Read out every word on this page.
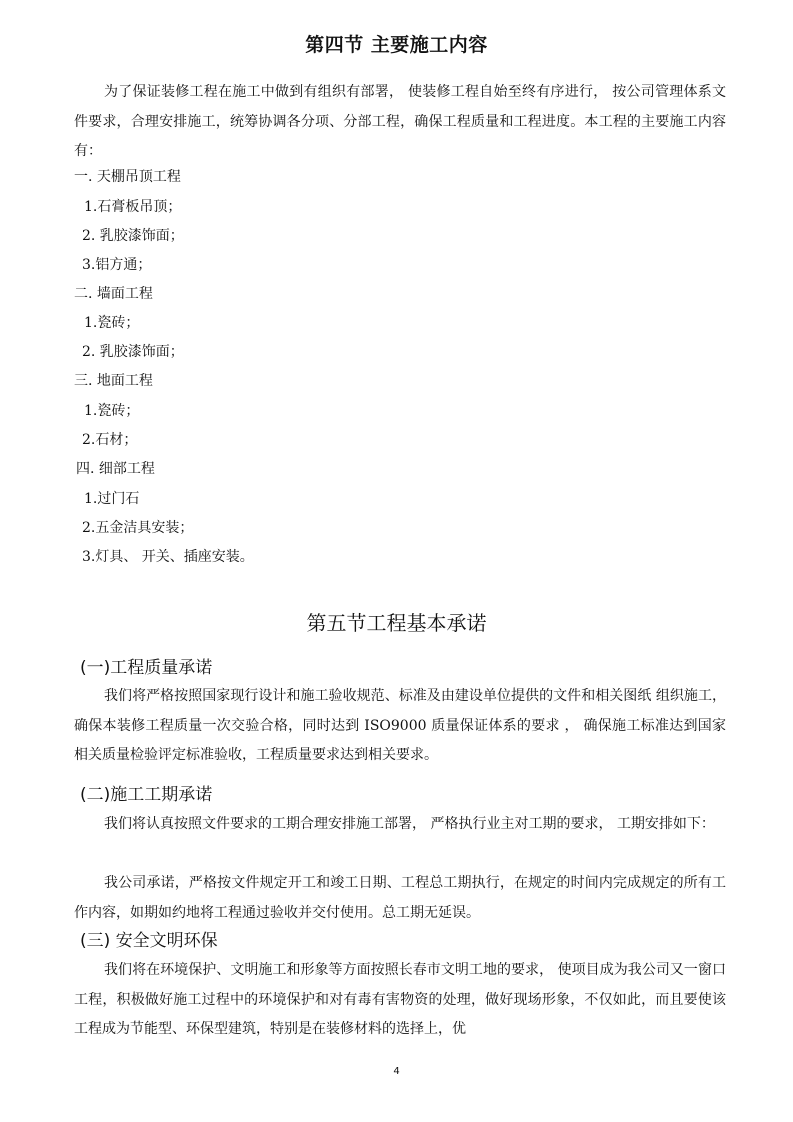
第四节 主要施工内容
为了保证装修工程在施工中做到有组织有部署， 使装修工程自始至终有序进行， 按公司管理体系文件要求，合理安排施工，统筹协调各分项、分部工程，确保工程质量和工程进度。本工程的主要施工内容有：
一. 天棚吊顶工程
1.石膏板吊顶；
2. 乳胶漆饰面；
3.铝方通；
二. 墙面工程
1.瓷砖；
2. 乳胶漆饰面；
三. 地面工程
1.瓷砖；
2.石材；
四. 细部工程
1.过门石
2.五金洁具安装；
3.灯具、 开关、插座安装。
第五节工程基本承诺
(一)工程质量承诺
我们将严格按照国家现行设计和施工验收规范、标准及由建设单位提供的文件和相关图纸 组织施工，确保本装修工程质量一次交验合格，同时达到 ISO9000 质量保证体系的要求 ， 确保施工标准达到国家相关质量检验评定标准验收，工程质量要求达到相关要求。
(二)施工工期承诺
我们将认真按照文件要求的工期合理安排施工部署， 严格执行业主对工期的要求， 工期安排如下：
我公司承诺，严格按文件规定开工和竣工日期、工程总工期执行，在规定的时间内完成规定的所有工作内容，如期如约地将工程通过验收并交付使用。总工期无延误。
(三) 安全文明环保
我们将在环境保护、文明施工和形象等方面按照长春市文明工地的要求， 使项目成为我公司又一窗口工程，积极做好施工过程中的环境保护和对有毒有害物资的处理，做好现场形象，不仅如此，而且要使该工程成为节能型、环保型建筑，特别是在装修材料的选择上，优
4
